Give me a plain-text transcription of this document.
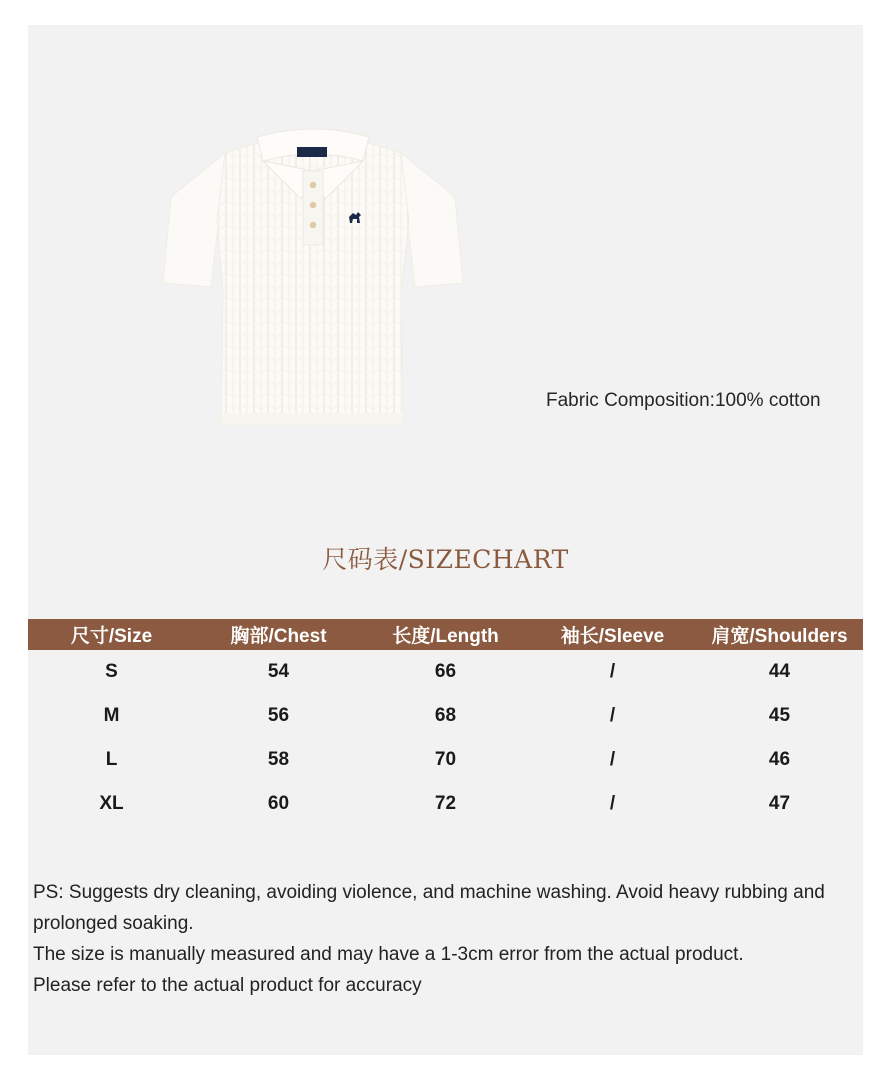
Fabric Composition:100% cotton
尺码表/SIZECHART
尺寸/Size	胸部/Chest	长度/Length	袖长/Sleeve	肩宽/Shoulders
S	54	66	/	44
M	56	68	/	45
L	58	70	/	46
XL	60	72	/	47

PS: Suggests dry cleaning, avoiding violence, and machine washing. Avoid heavy rubbing and prolonged soaking.

The size is manually measured and may have a 1-3cm error from the actual product.

Please refer to the actual product for accuracy
